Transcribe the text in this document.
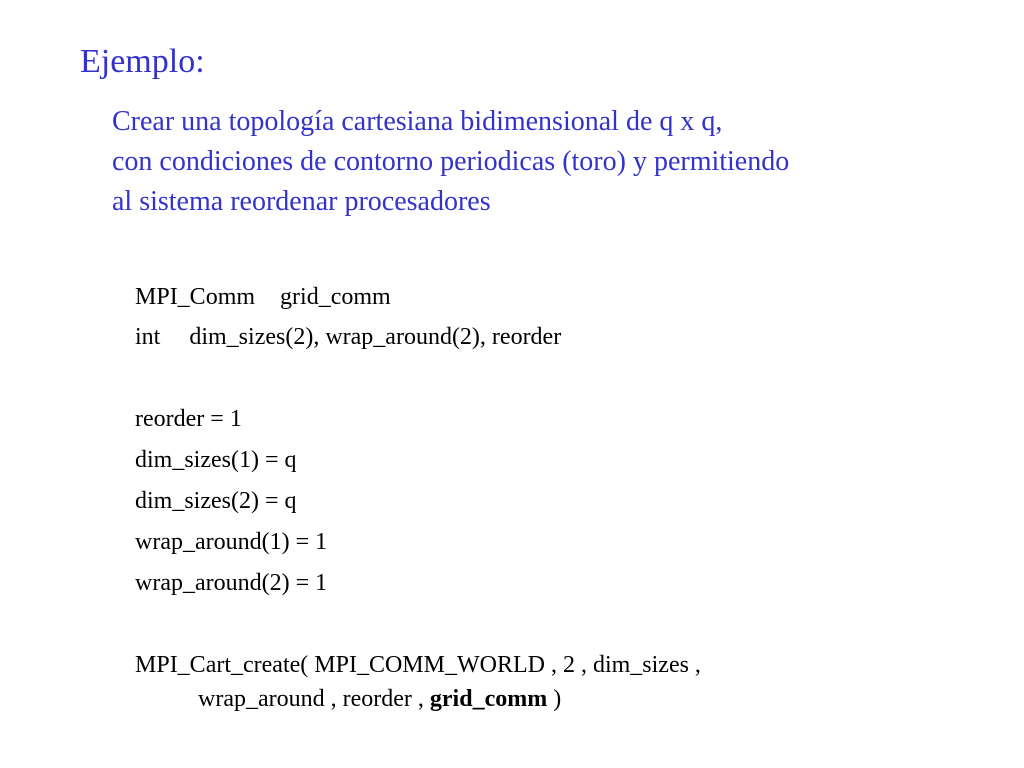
Ejemplo:
Crear una topología cartesiana bidimensional de q x q,
con condiciones de contorno periodicas (toro) y permitiendo
al sistema reordenar procesadores
MPI_Comm grid_comm
int dim_sizes(2), wrap_around(2), reorder
reorder = 1
dim_sizes(1) = q
dim_sizes(2) = q
wrap_around(1) = 1
wrap_around(2) = 1
MPI_Cart_create( MPI_COMM_WORLD , 2 , dim_sizes ,
wrap_around , reorder , grid_comm )
